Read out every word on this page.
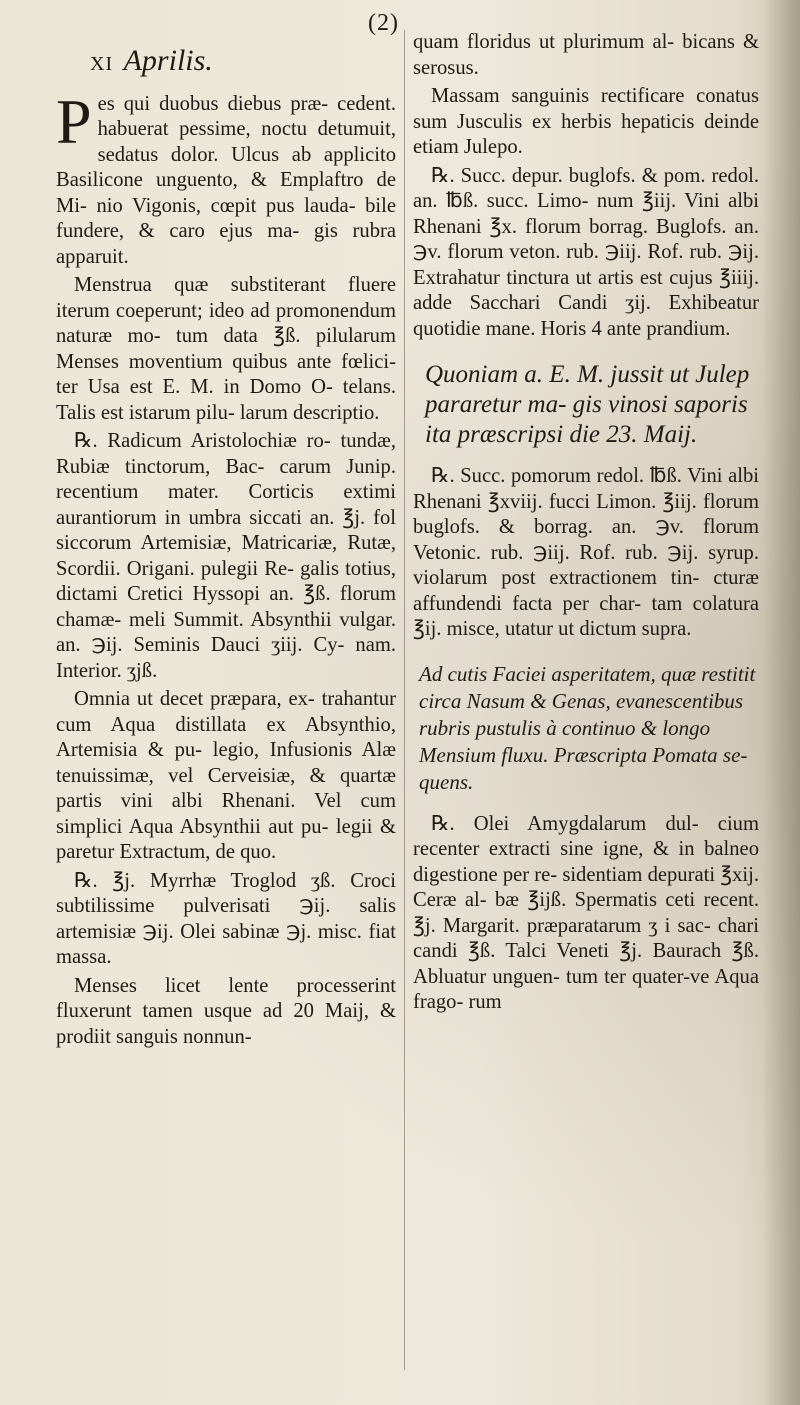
(2)
XI Aprilis.

Pes qui duobus diebus præ- cedent. habuerat pessime, noctu detumuit, sedatus dolor. Ulcus ab applicito Basilicone unguento, & Emplaftro de Mi- nio Vigonis, cœpit pus lauda- bile fundere, & caro ejus ma- gis rubra apparuit.

Menstrua quæ substiterant fluere iterum coeperunt; ideo ad promonendum naturæ mo- tum data ℥ß. pilularum Menses moventium quibus ante fœlici- ter Usa est E. M. in Domo O- telans. Talis est istarum pilu- larum descriptio.

℞. Radicum Aristolochiæ ro- tundæ, Rubiæ tinctorum, Bac- carum Junip. recentium mater. Corticis extimi aurantiorum in umbra siccati an. ℥j. fol siccorum Artemisiæ, Matricariæ, Rutæ, Scordii. Origani. pulegii Re- galis totius, dictami Cretici Hyssopi an. ℥ß. florum chamæ- meli Summit. Absynthii vulgar. an. ℈ij. Seminis Dauci ʒiij. Cy- nam. Interior. ʒjß.

Omnia ut decet præpara, ex- trahantur cum Aqua distillata ex Absynthio, Artemisia & pu- legio, Infusionis Alæ tenuissimæ, vel Cerveisiæ, & quartæ partis vini albi Rhenani. Vel cum simplici Aqua Absynthii aut pu- legii & paretur Extractum, de quo.

℞. ℥j. Myrrhæ Troglod ʒß. Croci subtilissime pulverisati ℈ij. salis artemisiæ ℈ij. Olei sabinæ ℈j. misc. fiat massa.

Menses licet lente processerint fluxerunt tamen usque ad 20 Maij, & prodiit sanguis nonnun-

quam floridus ut plurimum al- bicans & serosus.

Massam sanguinis rectificare conatus sum Jusculis ex herbis hepaticis deinde etiam Julepo.

℞. Succ. depur. buglofs. & pom. redol. an. ℔ß. succ. Limo- num ℥iij. Vini albi Rhenani ℥x. florum borrag. Buglofs. an. ℈v. florum veton. rub. ℈iij. Rof. rub. ℈ij. Extrahatur tinctura ut artis est cujus ℥iiij. adde Sacchari Candi ʒij. Exhibeatur quotidie mane. Horis 4 ante prandium.

Quoniam a. E. M. jussit ut Julep pararetur ma- gis vinosi saporis ita præscripsi die 23. Maij.

℞. Succ. pomorum redol. ℔ß. Vini albi Rhenani ℥xviij. fucci Limon. ℥iij. florum buglofs. & borrag. an. ℈v. florum Vetonic. rub. ℈iij. Rof. rub. ℈ij. syrup. violarum post extractionem tin- cturæ affundendi facta per char- tam colatura ℥ij. misce, utatur ut dictum supra.

Ad cutis Faciei asperitatem, quæ restitit circa Nasum & Genas, evanescentibus rubris pustulis à continuo & longo Mensium fluxu. Præscripta Pomata se- quens.

℞. Olei Amygdalarum dul- cium recenter extracti sine igne, & in balneo digestione per re- sidentiam depurati ℥xij. Ceræ al- bæ ℥ijß. Spermatis ceti recent. ℥j. Margarit. præparatarum ʒ i sac- chari candi ℥ß. Talci Veneti ℥j. Baurach ℥ß. Abluatur unguen- tum ter quater-ve Aqua frago- rum
